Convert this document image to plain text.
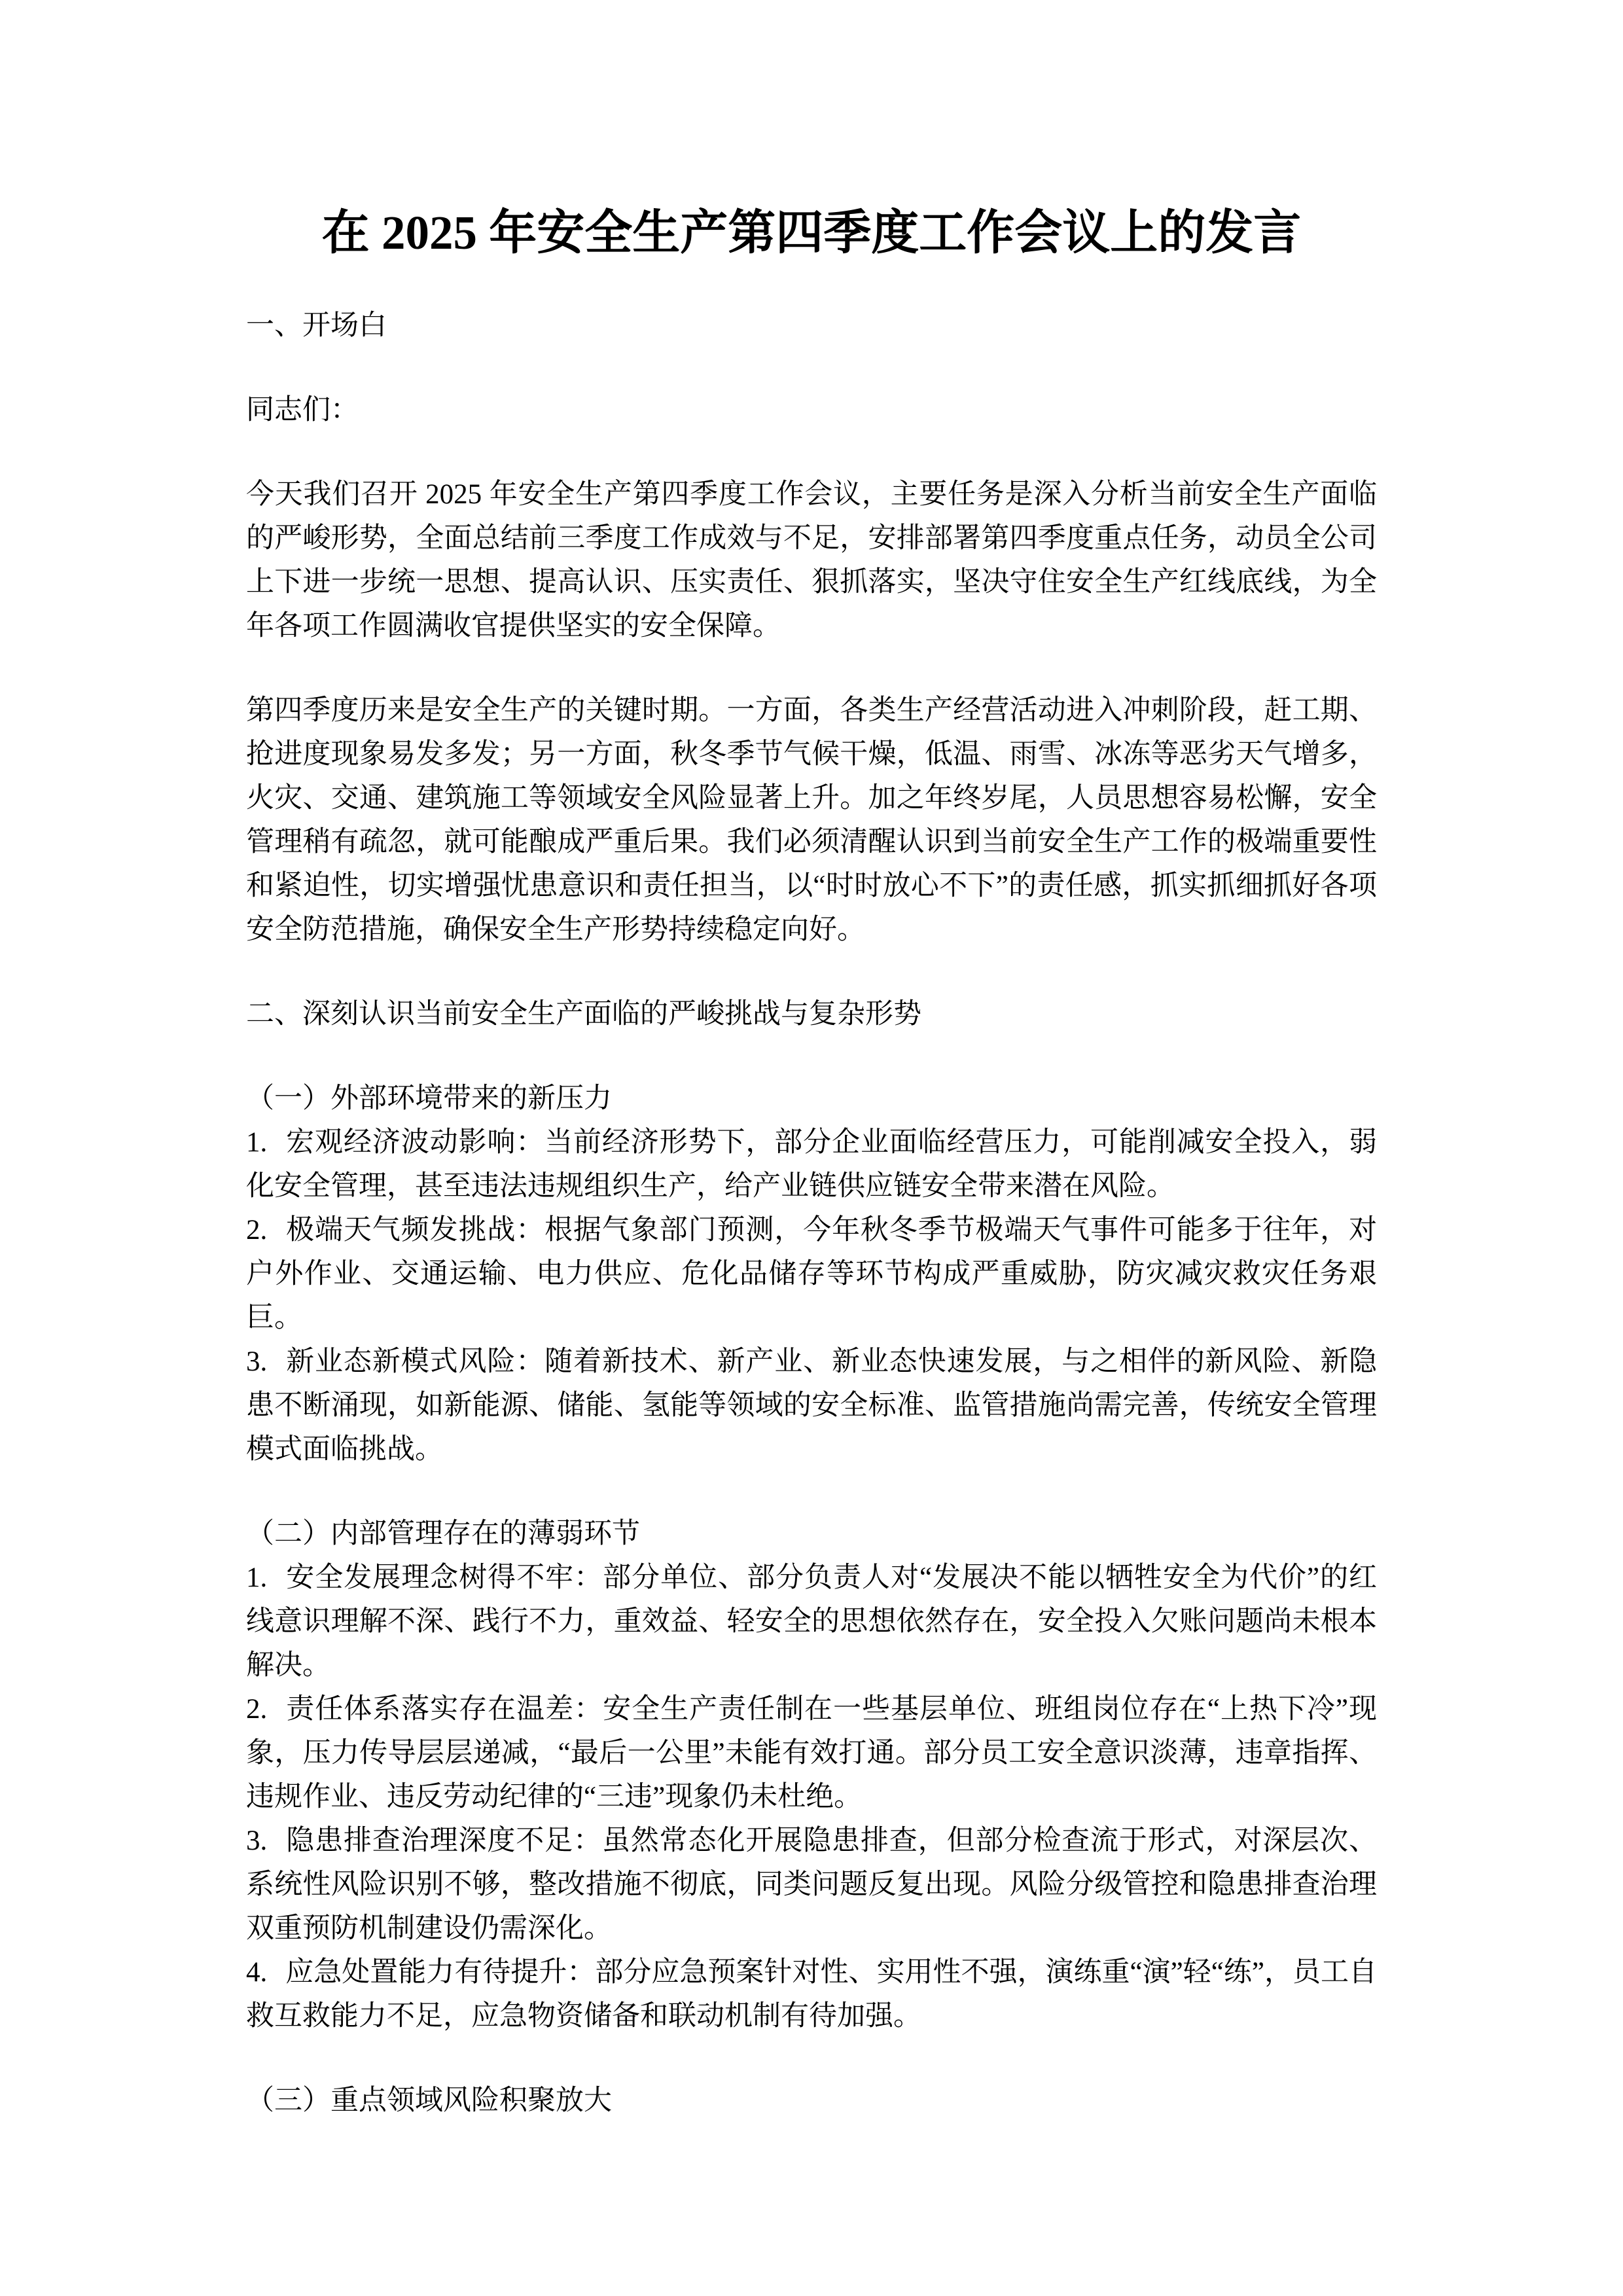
在 2025 年安全生产第四季度工作会议上的发言

一、开场白

同志们：

今天我们召开 2025 年安全生产第四季度工作会议，主要任务是深入分析当前安全生产面临的严峻形势，全面总结前三季度工作成效与不足，安排部署第四季度重点任务，动员全公司上下进一步统一思想、提高认识、压实责任、狠抓落实，坚决守住安全生产红线底线，为全年各项工作圆满收官提供坚实的安全保障。

第四季度历来是安全生产的关键时期。一方面，各类生产经营活动进入冲刺阶段，赶工期、抢进度现象易发多发；另一方面，秋冬季节气候干燥，低温、雨雪、冰冻等恶劣天气增多，火灾、交通、建筑施工等领域安全风险显著上升。加之年终岁尾，人员思想容易松懈，安全管理稍有疏忽，就可能酿成严重后果。我们必须清醒认识到当前安全生产工作的极端重要性和紧迫性，切实增强忧患意识和责任担当，以“时时放心不下”的责任感，抓实抓细抓好各项安全防范措施，确保安全生产形势持续稳定向好。

二、深刻认识当前安全生产面临的严峻挑战与复杂形势

（一）外部环境带来的新压力

1. 宏观经济波动影响：当前经济形势下，部分企业面临经营压力，可能削减安全投入，弱化安全管理，甚至违法违规组织生产，给产业链供应链安全带来潜在风险。

2. 极端天气频发挑战：根据气象部门预测，今年秋冬季节极端天气事件可能多于往年，对户外作业、交通运输、电力供应、危化品储存等环节构成严重威胁，防灾减灾救灾任务艰巨。

3. 新业态新模式风险：随着新技术、新产业、新业态快速发展，与之相伴的新风险、新隐患不断涌现，如新能源、储能、氢能等领域的安全标准、监管措施尚需完善，传统安全管理模式面临挑战。

（二）内部管理存在的薄弱环节

1. 安全发展理念树得不牢：部分单位、部分负责人对“发展决不能以牺牲安全为代价”的红线意识理解不深、践行不力，重效益、轻安全的思想依然存在，安全投入欠账问题尚未根本解决。

2. 责任体系落实存在温差：安全生产责任制在一些基层单位、班组岗位存在“上热下冷”现象，压力传导层层递减，“最后一公里”未能有效打通。部分员工安全意识淡薄，违章指挥、违规作业、违反劳动纪律的“三违”现象仍未杜绝。

3. 隐患排查治理深度不足：虽然常态化开展隐患排查，但部分检查流于形式，对深层次、系统性风险识别不够，整改措施不彻底，同类问题反复出现。风险分级管控和隐患排查治理双重预防机制建设仍需深化。

4. 应急处置能力有待提升：部分应急预案针对性、实用性不强，演练重“演”轻“练”，员工自救互救能力不足，应急物资储备和联动机制有待加强。

（三）重点领域风险积聚放大
